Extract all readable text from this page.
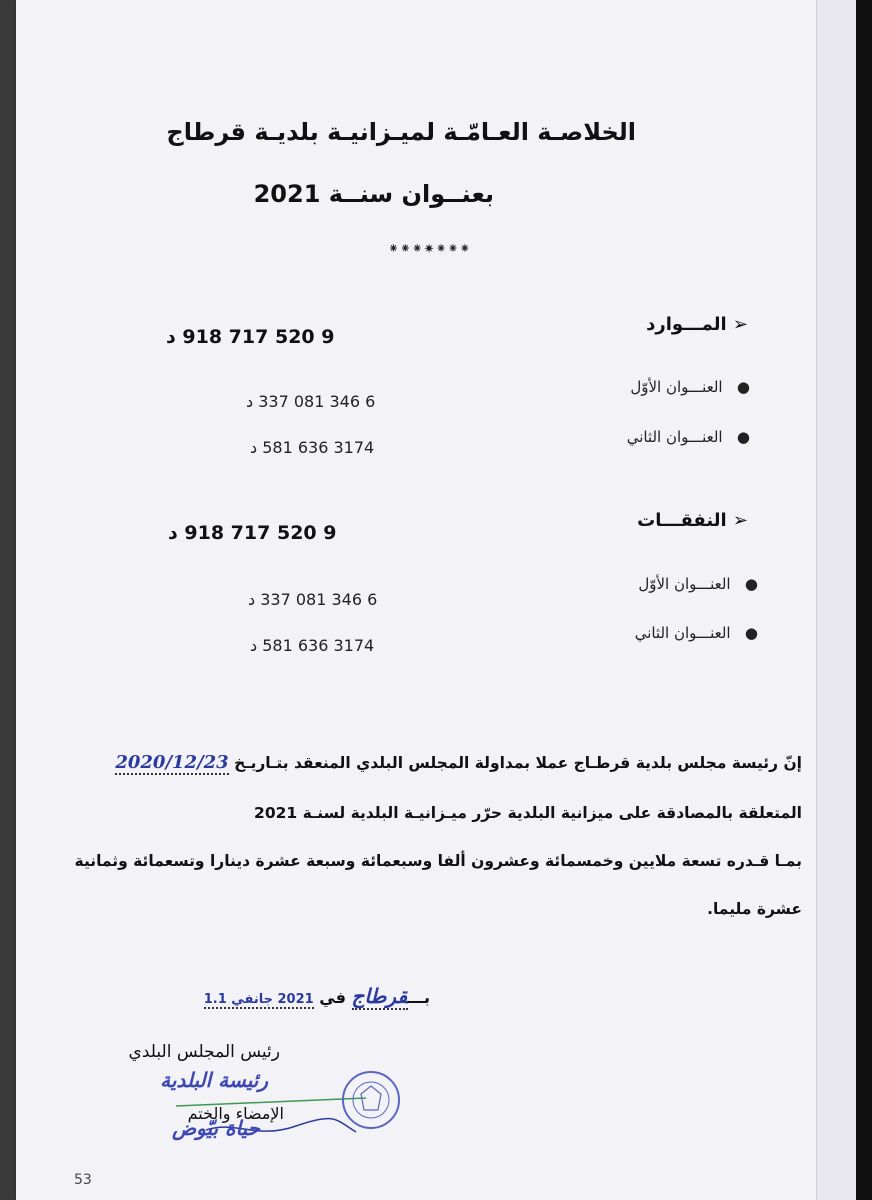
الخلاصـة العـامّـة لميـزانيـة بلديـة قرطاج
بعنــوان سنــة 2021
⁕⁕⁕✷⁕⁕⁕
➢ المـــوارد
9 520 717 918 د
●   العنـــوان الأوّل
6 346 081 337 د
●   العنـــوان الثاني
3174 636 581 د
➢ النفقـــات
9 520 717 918 د
●   العنـــوان الأوّل
6 346 081 337 د
●   العنـــوان الثاني
3174 636 581 د
إنّ رئيسة مجلس بلدية قرطـاج عملا بمداولة المجلس البلدي المنعقد بتـاريـخ 2020/12/23
المتعلقة بالمصادقة على ميزانية البلدية حرّر ميـزانيـة البلدية لسنـة 2021
بمـا قـدره تسعة ملايين وخمسمائة وعشرون ألفا وسبعمائة وسبعة عشرة دينارا وتسعمائة وثمانية
عشرة مليما.
بـــقرطاج في 2021 جانفي 1.1
رئيس المجلس البلدي
رئيسة البلدية
الإمضاء والختم
حياة بيّوض
53
